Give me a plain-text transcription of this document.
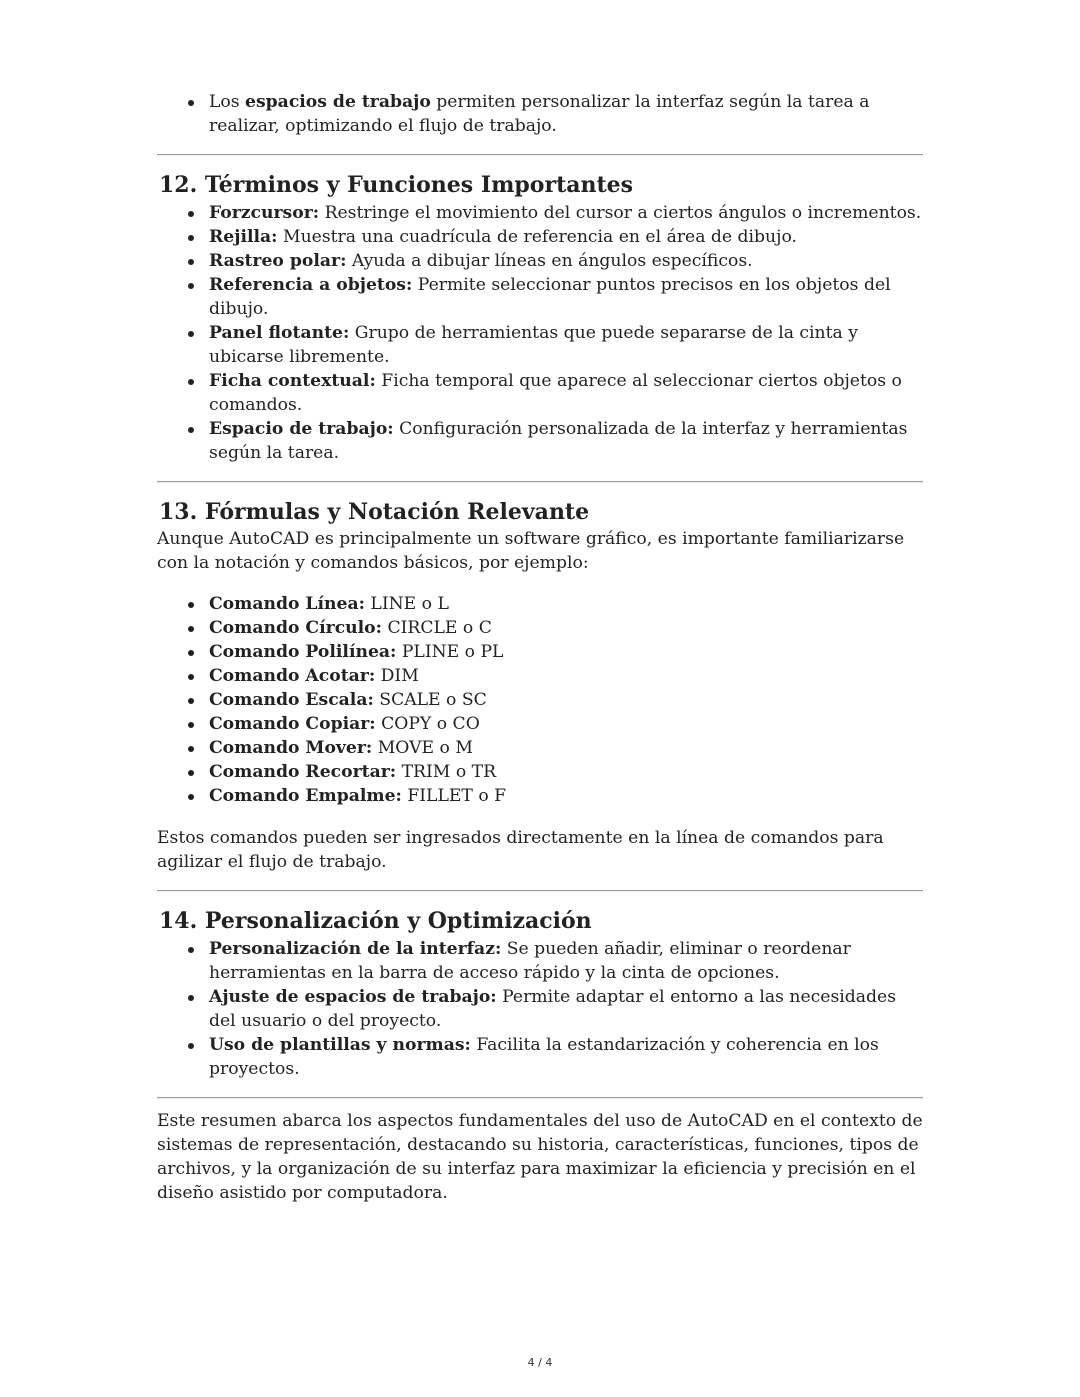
Los espacios de trabajo permiten personalizar la interfaz según la tarea a realizar, optimizando el flujo de trabajo.
12. Términos y Funciones Importantes
Forzcursor: Restringe el movimiento del cursor a ciertos ángulos o incrementos.
Rejilla: Muestra una cuadrícula de referencia en el área de dibujo.
Rastreo polar: Ayuda a dibujar líneas en ángulos específicos.
Referencia a objetos: Permite seleccionar puntos precisos en los objetos del dibujo.
Panel flotante: Grupo de herramientas que puede separarse de la cinta y ubicarse libremente.
Ficha contextual: Ficha temporal que aparece al seleccionar ciertos objetos o comandos.
Espacio de trabajo: Configuración personalizada de la interfaz y herramientas según la tarea.
13. Fórmulas y Notación Relevante

Aunque AutoCAD es principalmente un software gráfico, es importante familiarizarse con la notación y comandos básicos, por ejemplo:

Comando Línea: LINE o L
Comando Círculo: CIRCLE o C
Comando Polilínea: PLINE o PL
Comando Acotar: DIM
Comando Escala: SCALE o SC
Comando Copiar: COPY o CO
Comando Mover: MOVE o M
Comando Recortar: TRIM o TR
Comando Empalme: FILLET o F

Estos comandos pueden ser ingresados directamente en la línea de comandos para agilizar el flujo de trabajo.

14. Personalización y Optimización
Personalización de la interfaz: Se pueden añadir, eliminar o reordenar herramientas en la barra de acceso rápido y la cinta de opciones.
Ajuste de espacios de trabajo: Permite adaptar el entorno a las necesidades del usuario o del proyecto.
Uso de plantillas y normas: Facilita la estandarización y coherencia en los proyectos.

Este resumen abarca los aspectos fundamentales del uso de AutoCAD en el contexto de sistemas de representación, destacando su historia, características, funciones, tipos de archivos, y la organización de su interfaz para maximizar la eficiencia y precisión en el diseño asistido por computadora.

4 / 4
